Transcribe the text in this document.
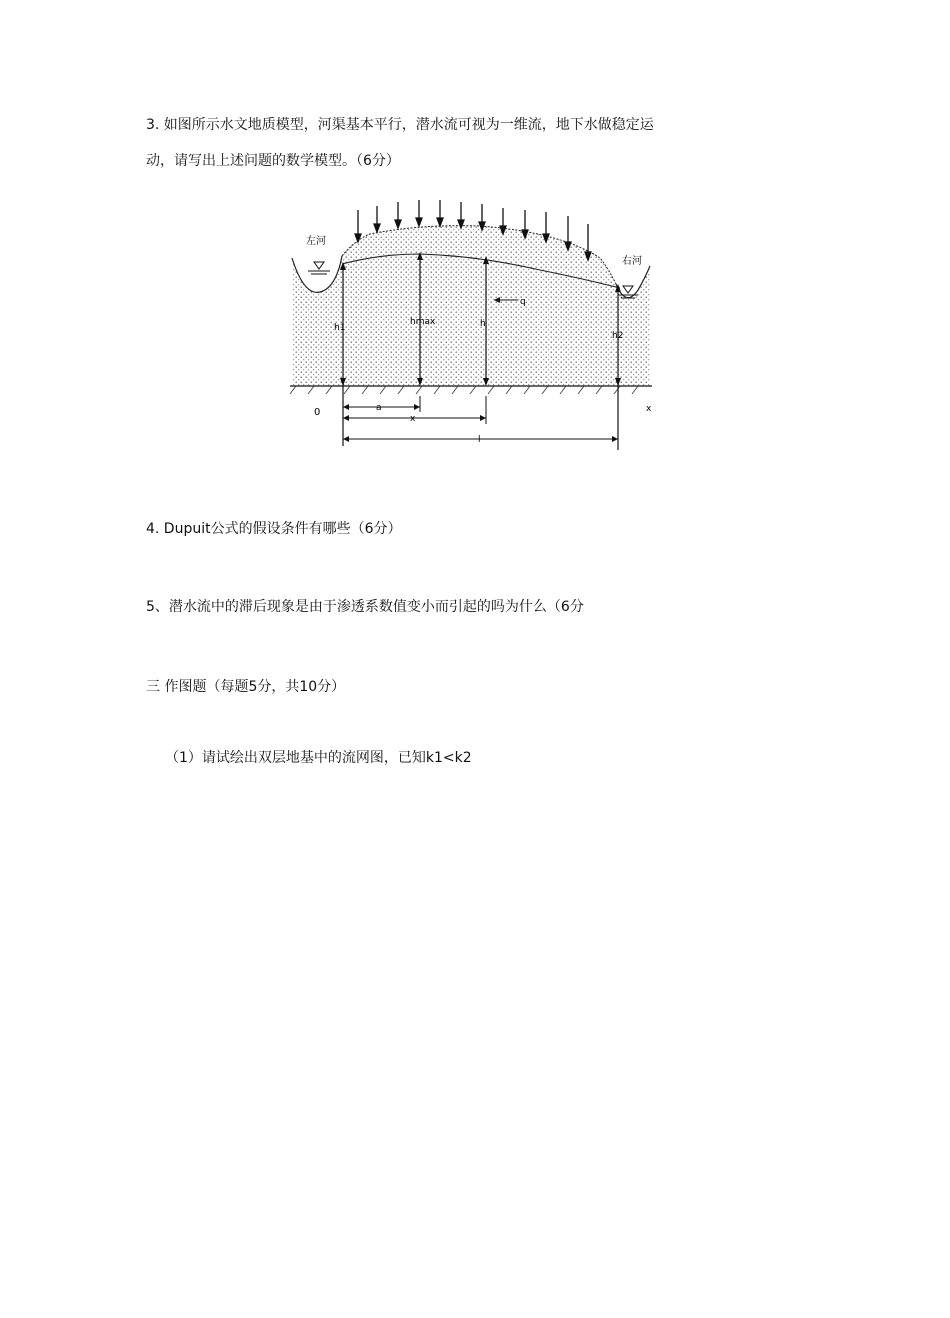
3. 如图所示水文地质模型，河渠基本平行，潜水流可视为一维流，地下水做稳定运
动，请写出上述问题的数学模型。（6分）
左河
右河
h1
hmax	h
h2
q
0	x
a
x
l
4. Dupuit公式的假设条件有哪些（6分）
5、潜水流中的滞后现象是由于渗透系数值变小而引起的吗为什么（6分
三 作图题（每题5分，共10分）
（1）请试绘出双层地基中的流网图，已知k1<k2
